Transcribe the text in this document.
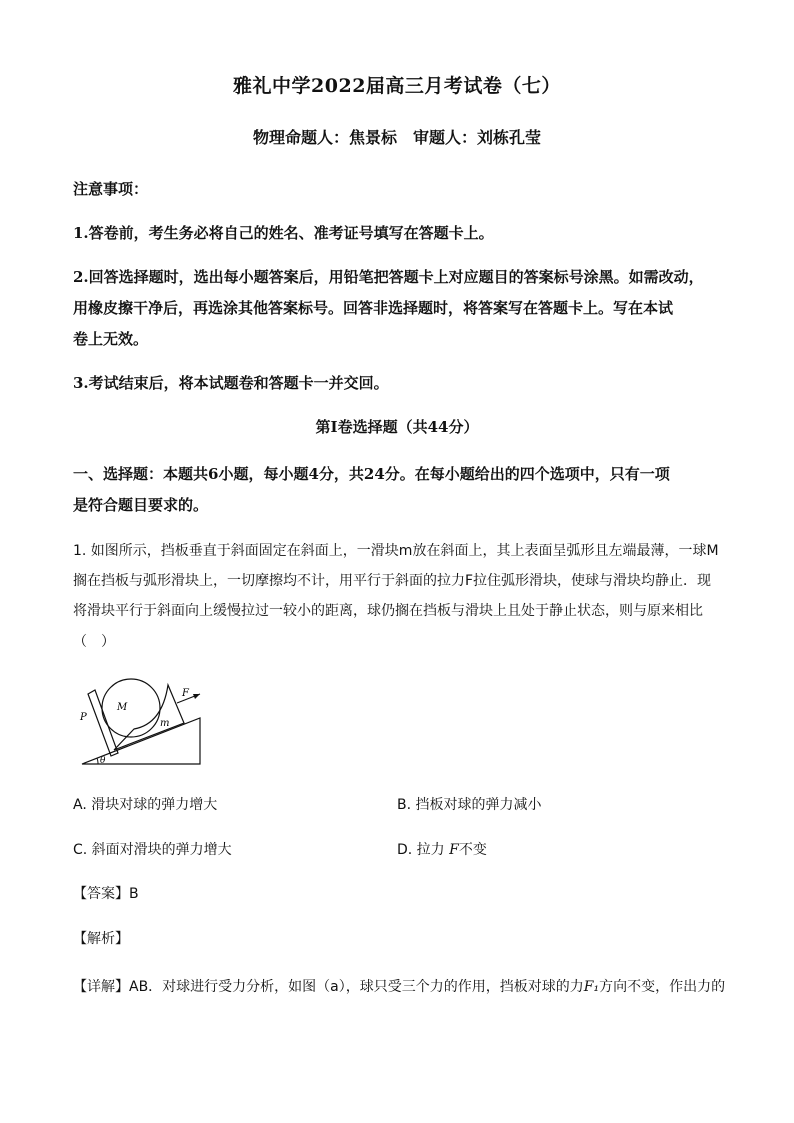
雅礼中学2022届高三月考试卷（七）
物理命题人：焦景标　审题人：刘栋孔莹
注意事项：
1.答卷前，考生务必将自己的姓名、准考证号填写在答题卡上。
2.回答选择题时，选出每小题答案后，用铅笔把答题卡上对应题目的答案标号涂黑。如需改动，
用橡皮擦干净后，再选涂其他答案标号。回答非选择题时，将答案写在答题卡上。写在本试
卷上无效。
3.考试结束后，将本试题卷和答题卡一并交回。
第Ⅰ卷选择题（共44分）
一、选择题：本题共6小题，每小题4分，共24分。在每小题给出的四个选项中，只有一项
是符合题目要求的。
1. 如图所示，挡板垂直于斜面固定在斜面上，一滑块m放在斜面上，其上表面呈弧形且左端最薄，一球M
搁在挡板与弧形滑块上，一切摩擦均不计，用平行于斜面的拉力F拉住弧形滑块，使球与滑块均静止．现
将滑块平行于斜面向上缓慢拉过一较小的距离，球仍搁在挡板与滑块上且处于静止状态，则与原来相比
（　）
P
M
m
F
θ
A. 滑块对球的弹力增大	B. 挡板对球的弹力减小
C. 斜面对滑块的弹力增大	D. 拉力 F不变
【答案】B
【解析】
【详解】AB．对球进行受力分析，如图（a），球只受三个力的作用，挡板对球的力F₁方向不变，作出力的
